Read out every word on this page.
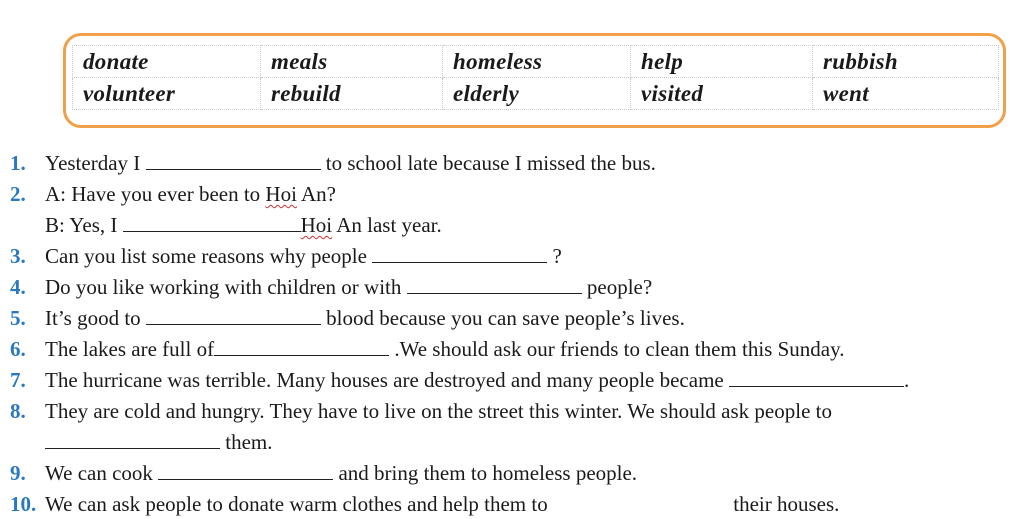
donate	meals	homeless	help	rubbish
volunteer	rebuild	elderly	visited	went
1. Yesterday I	to school late because I missed the bus.
2. A: Have you ever been to Hoi An?
B: Yes, I	Hoi An last year.
3. Can you list some reasons why people	?
4. Do you like working with children or with	people?
5. It’s good to	blood because you can save people’s lives.
6. The lakes are full of	.We should ask our friends to clean them this Sunday.
7. The hurricane was terrible. Many houses are destroyed and many people became	.
8. They are cold and hungry. They have to live on the street this winter. We should ask people to
them.
9. We can cook	and bring them to homeless people.
10. We can ask people to donate warm clothes and help them to	their houses.
